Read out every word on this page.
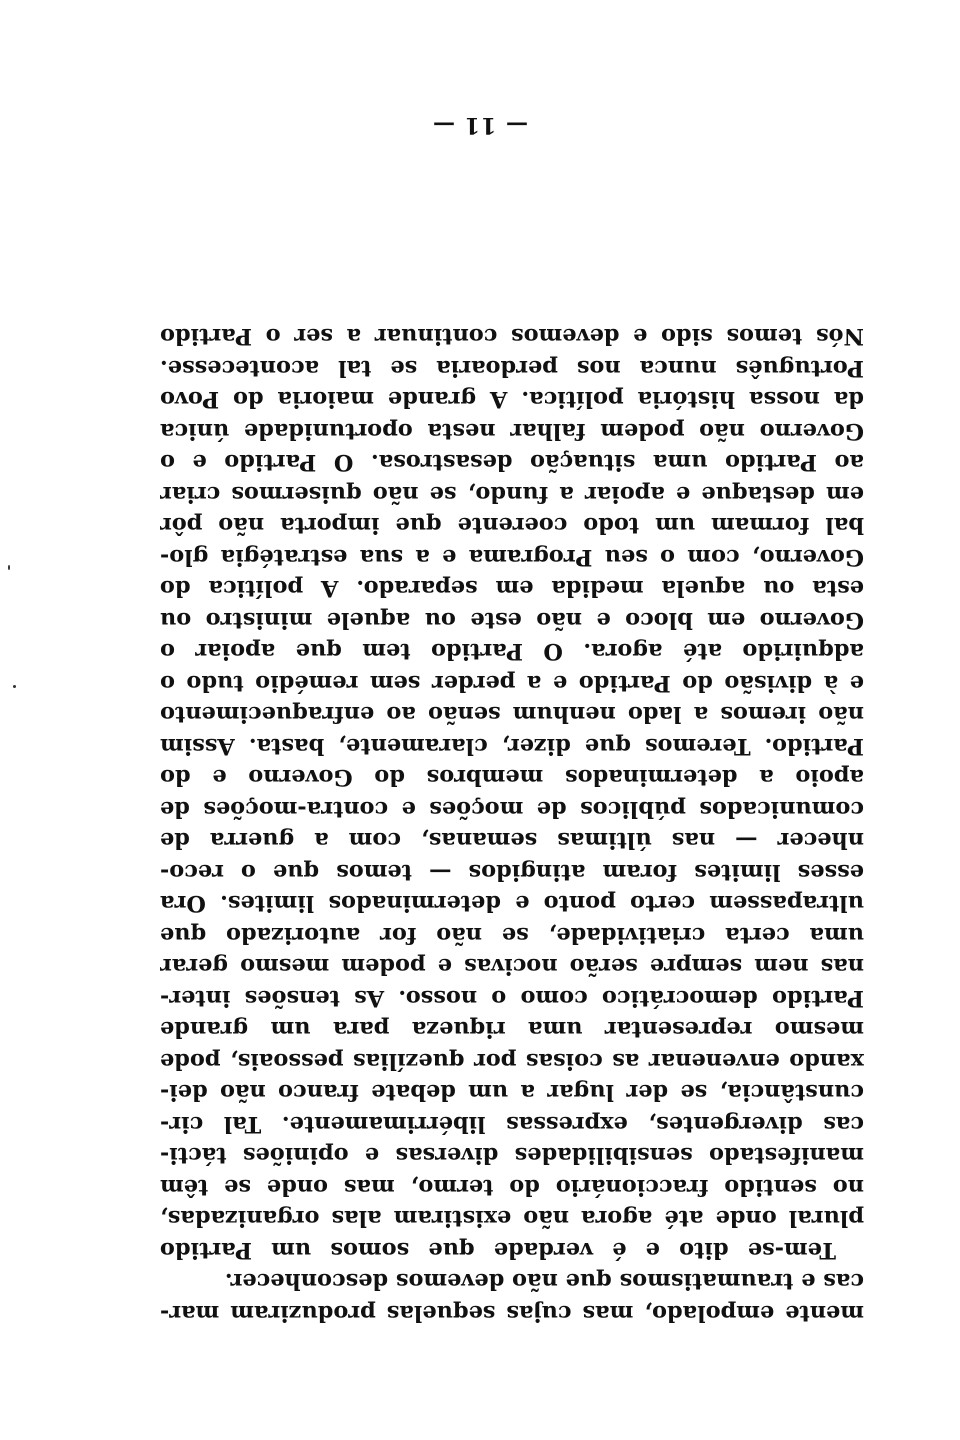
— 11 —
mente empolado, mas cujas sequelas produziram mar-
cas e traumatismos que não devemos desconhecer.
Tem-se dito e é verdade que somos um Partido
plural onde até agora não existiram alas organizadas,
no sentido fraccionário do termo, mas onde se têm
manifestado sensibilidades diversas e opiniões tácti-
cas divergentes, expressas libérrimamente. Tal cir-
cunstância, se der lugar a um debate franco não dei-
xando envenenar as coisas por quezílias pessoais, pode
mesmo representar uma riqueza para um grande
Partido democrático como o nosso. As tensões inter-
nas nem sempre serão nocivas e podem mesmo gerar
uma certa criatividade, se não for autorizado que
ultrapassem certo ponto e determinados limites. Ora
esses limites foram atingidos — temos que o reco-
nhecer — nas últimas semanas, com a guerra de
comunicados públicos de moções e contra-moções de
apoio a determinados membros do Governo e do
Partido. Teremos que dizer, claramente, basta. Assim
não iremos a lado nenhum senão ao enfraquecimento
e à divisão do Partido e a perder sem remédio tudo o
adquirido até agora. O Partido tem que apoiar o
Governo em bloco e não este ou aquele ministro ou
esta ou aquela medida em separado. A política do
Governo, com o seu Programa e a sua estratégia glo-
bal formam um todo coerente que importa não pôr
em destaque e apoiar a fundo, se não quisermos criar
ao Partido uma situação desastrosa. O Partido e o
Governo não podem falhar nesta oportunidade única
da nossa história política. A grande maioria do Povo
Português nunca nos perdoaria se tal acontecesse.
Nós temos sido e devemos continuar a ser o Partido
